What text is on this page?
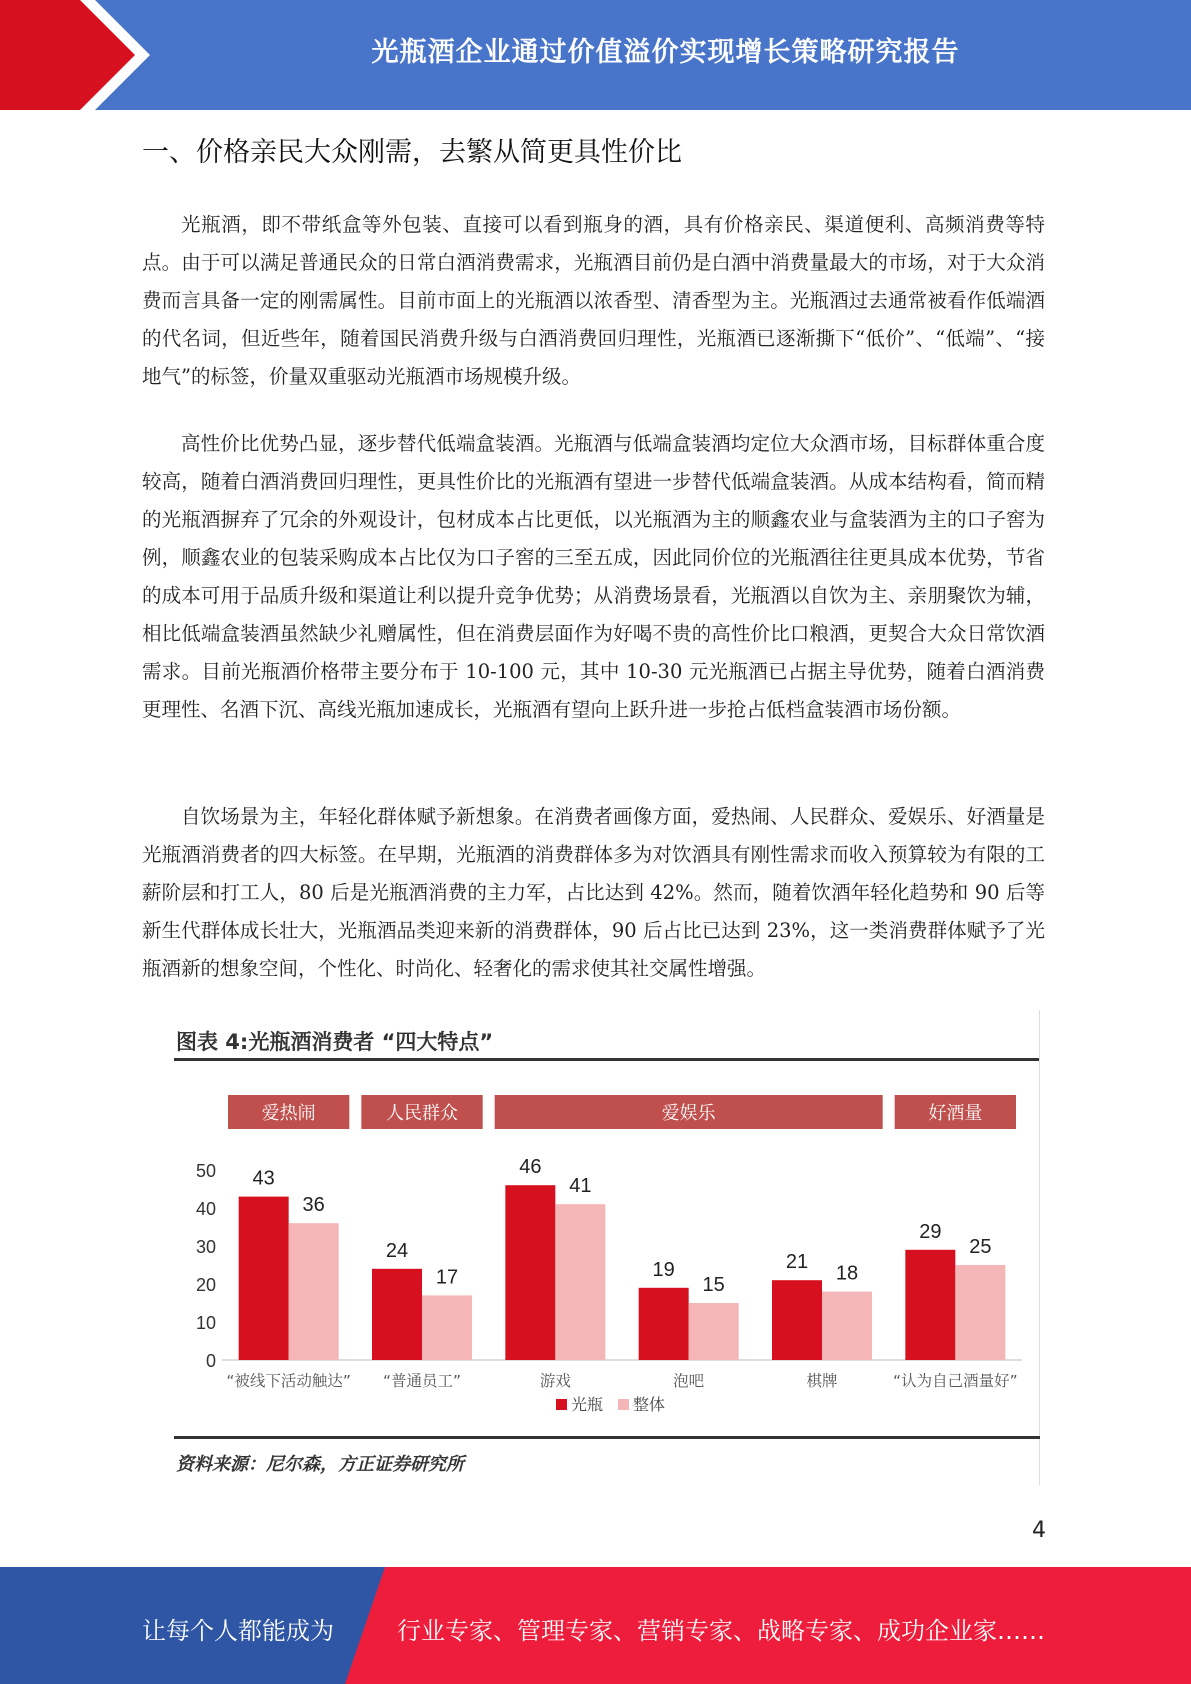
光瓶酒企业通过价值溢价实现增长策略研究报告
一、价格亲民大众刚需，去繁从简更具性价比

光瓶酒，即不带纸盒等外包装、直接可以看到瓶身的酒，具有价格亲民、渠道便利、高频消费等特点。由于可以满足普通民众的日常白酒消费需求，光瓶酒目前仍是白酒中消费量最大的市场，对于大众消费而言具备一定的刚需属性。目前市面上的光瓶酒以浓香型、清香型为主。光瓶酒过去通常被看作低端酒的代名词，但近些年，随着国民消费升级与白酒消费回归理性，光瓶酒已逐渐撕下“低价”、“低端”、“接地气”的标签，价量双重驱动光瓶酒市场规模升级。

高性价比优势凸显，逐步替代低端盒装酒。光瓶酒与低端盒装酒均定位大众酒市场，目标群体重合度较高，随着白酒消费回归理性，更具性价比的光瓶酒有望进一步替代低端盒装酒。从成本结构看，简而精的光瓶酒摒弃了冗余的外观设计，包材成本占比更低，以光瓶酒为主的顺鑫农业与盒装酒为主的口子窖为例，顺鑫农业的包装采购成本占比仅为口子窖的三至五成，因此同价位的光瓶酒往往更具成本优势，节省的成本可用于品质升级和渠道让利以提升竞争优势；从消费场景看，光瓶酒以自饮为主、亲朋聚饮为辅，相比低端盒装酒虽然缺少礼赠属性，但在消费层面作为好喝不贵的高性价比口粮酒，更契合大众日常饮酒需求。目前光瓶酒价格带主要分布于 10-100 元，其中 10-30 元光瓶酒已占据主导优势，随着白酒消费更理性、名酒下沉、高线光瓶加速成长，光瓶酒有望向上跃升进一步抢占低档盒装酒市场份额。

自饮场景为主，年轻化群体赋予新想象。在消费者画像方面，爱热闹、人民群众、爱娱乐、好酒量是光瓶酒消费者的四大标签。在早期，光瓶酒的消费群体多为对饮酒具有刚性需求而收入预算较为有限的工薪阶层和打工人，80 后是光瓶酒消费的主力军，占比达到 42%。然而，随着饮酒年轻化趋势和 90 后等新生代群体成长壮大，光瓶酒品类迎来新的消费群体，90 后占比已达到 23%，这一类消费群体赋予了光瓶酒新的想象空间，个性化、时尚化、轻奢化的需求使其社交属性增强。

图表 4:光瓶酒消费者 “四大特点”
0
10
20
30
40
50
爱热闹	人民群众	爱娱乐	好酒量
43
36
“被线下活动触达”
24
17
“普通员工”
46
41
游戏
19
15
泡吧
21
18
棋牌
29
25
“认为自己酒量好”
光瓶 整体
资料来源：尼尔森，方正证券研究所
4
让每个人都能成为	行业专家、管理专家、营销专家、战略专家、成功企业家……
